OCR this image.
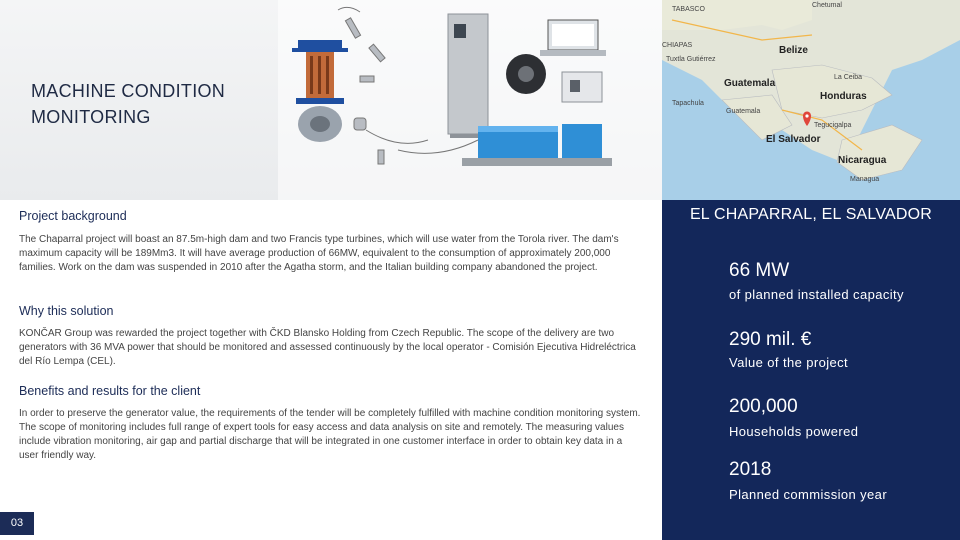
MACHINE CONDITION MONITORING
Project background
The Chaparral project will boast an 87.5m-high dam and two Francis type turbines, which will use water from the Torola river. The dam's maximum capacity will be 189Mm3. It will have average production of 66MW, equivalent to the consumption of approximately 200,000 families. Work on the dam was suspended in 2010 after the Agatha storm, and the Italian building company abandoned the project.
Why this solution
KONČAR Group was rewarded the project together with ČKD Blansko Holding from Czech Republic. The scope of the delivery are two generators with 36 MVA power that should be monitored and assessed continuously by the local operator - Comisión Ejecutiva Hidreléctrica del Río Lempa (CEL).
Benefits and results for the client
In order to preserve the generator value, the requirements of the tender will be completely fulfilled with machine condition monitoring system. The scope of monitoring includes full range of expert tools for easy access and data analysis on site and remotely. The measuring values include vibration monitoring, air gap and partial discharge that will be integrated in one customer interface in order to obtain key data in a user friendly way.
03
TABASCO
Chetumal
CHIAPAS
Tuxtla Gutiérrez
Belize
Guatemala
La Ceiba
Honduras
Tapachula
Guatemala
Tegucigalpa
El Salvador
Nicaragua
Managua
EL CHAPARRAL, EL SALVADOR
66 MW
of planned installed capacity
290 mil. €
Value of the project
200,000
Households powered
2018
Planned commission year
